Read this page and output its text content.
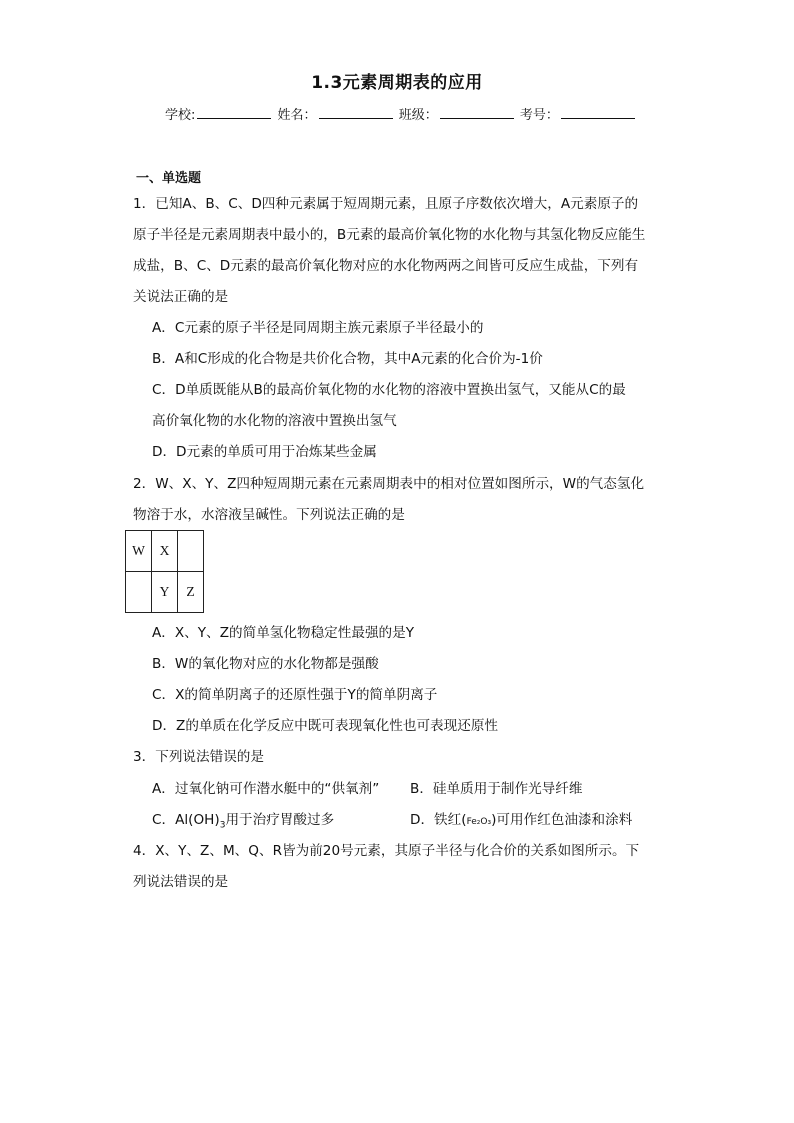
1.3元素周期表的应用
学校:	姓名：	班级：	考号：
一、单选题
1．已知A、B、C、D四种元素属于短周期元素，且原子序数依次增大，A元素原子的
原子半径是元素周期表中最小的，B元素的最高价氧化物的水化物与其氢化物反应能生
成盐，B、C、D元素的最高价氧化物对应的水化物两两之间皆可反应生成盐，下列有
关说法正确的是
A．C元素的原子半径是同周期主族元素原子半径最小的
B．A和C形成的化合物是共价化合物，其中A元素的化合价为-1价
C．D单质既能从B的最高价氧化物的水化物的溶液中置换出氢气，又能从C的最
高价氧化物的水化物的溶液中置换出氢气
D．D元素的单质可用于冶炼某些金属
2．W、X、Y、Z四种短周期元素在元素周期表中的相对位置如图所示，W的气态氢化
物溶于水，水溶液呈碱性。下列说法正确的是
W	X	
	Y	Z
A．X、Y、Z的简单氢化物稳定性最强的是Y
B．W的氧化物对应的水化物都是强酸
C．X的简单阴离子的还原性强于Y的简单阴离子
D．Z的单质在化学反应中既可表现氧化性也可表现还原性
3．下列说法错误的是
A．过氧化钠可作潜水艇中的“供氧剂” B．硅单质用于制作光导纤维
C．$Al(OH)_3$用于治疗胃酸过多	D．铁红(Fe₂O₃)可用作红色油漆和涂料
4．X、Y、Z、M、Q、R皆为前20号元素，其原子半径与化合价的关系如图所示。下
列说法错误的是
